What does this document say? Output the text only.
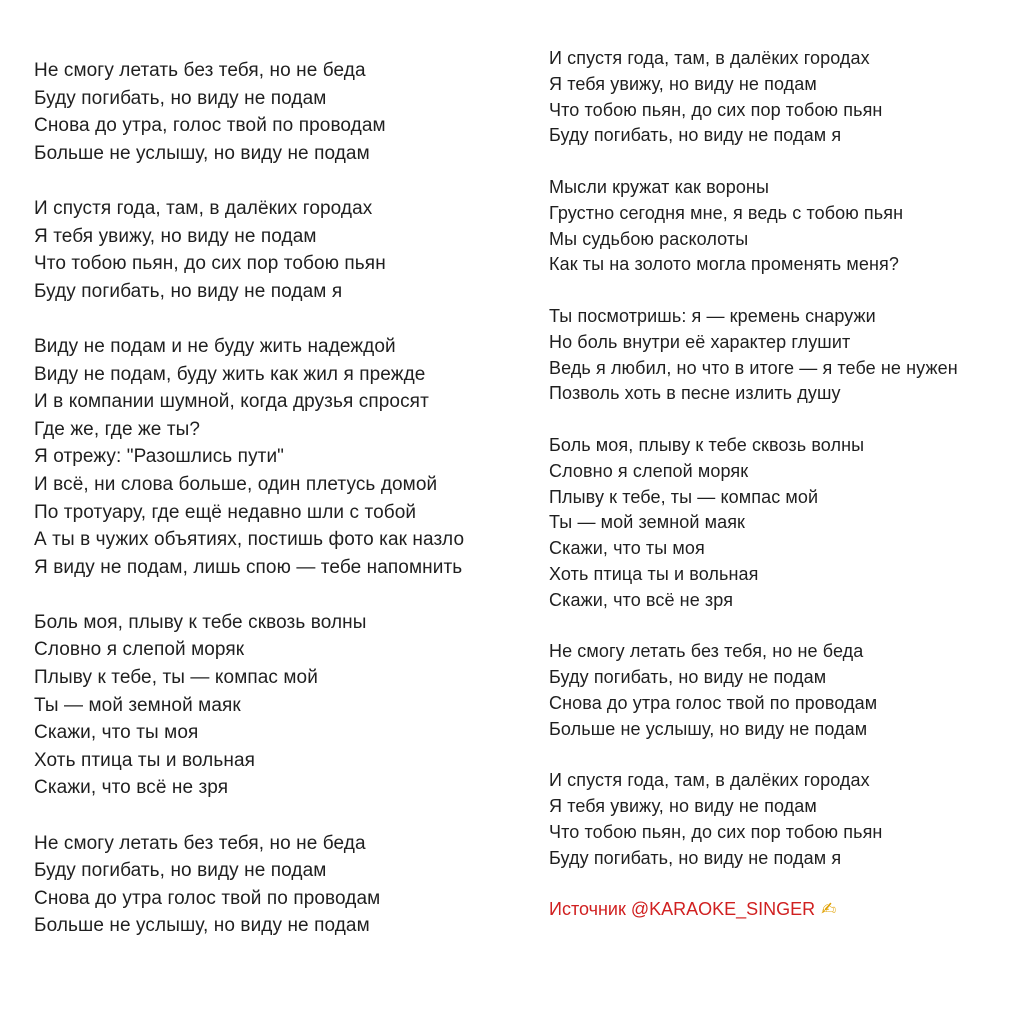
Не смогу летать без тебя, но не беда
Буду погибать, но виду не подам
Снова до утра, голос твой по проводам
Больше не услышу, но виду не подам
И спустя года, там, в далёких городах
Я тебя увижу, но виду не подам
Что тобою пьян, до сих пор тобою пьян
Буду погибать, но виду не подам я
Виду не подам и не буду жить надеждой
Виду не подам, буду жить как жил я прежде
И в компании шумной, когда друзья спросят
Где же, где же ты?
Я отрежу: "Разошлись пути"
И всё, ни слова больше, один плетусь домой
По тротуару, где ещё недавно шли с тобой
А ты в чужих объятиях, постишь фото как назло
Я виду не подам, лишь спою — тебе напомнить
Боль моя, плыву к тебе сквозь волны
Словно я слепой моряк
Плыву к тебе, ты — компас мой
Ты — мой земной маяк
Скажи, что ты моя
Хоть птица ты и вольная
Скажи, что всё не зря
Не смогу летать без тебя, но не беда
Буду погибать, но виду не подам
Снова до утра голос твой по проводам
Больше не услышу, но виду не подам
И спустя года, там, в далёких городах
Я тебя увижу, но виду не подам
Что тобою пьян, до сих пор тобою пьян
Буду погибать, но виду не подам я
Мысли кружат как вороны
Грустно сегодня мне, я ведь с тобою пьян
Мы судьбою расколоты
Как ты на золото могла променять меня?
Ты посмотришь: я — кремень снаружи
Но боль внутри её характер глушит
Ведь я любил, но что в итоге — я тебе не нужен
Позволь хоть в песне излить душу
Боль моя, плыву к тебе сквозь волны
Словно я слепой моряк
Плыву к тебе, ты — компас мой
Ты — мой земной маяк
Скажи, что ты моя
Хоть птица ты и вольная
Скажи, что всё не зря
Не смогу летать без тебя, но не беда
Буду погибать, но виду не подам
Снова до утра голос твой по проводам
Больше не услышу, но виду не подам
И спустя года, там, в далёких городах
Я тебя увижу, но виду не подам
Что тобою пьян, до сих пор тобою пьян
Буду погибать, но виду не подам я
Источник @KARAOKE_SINGER ✍
